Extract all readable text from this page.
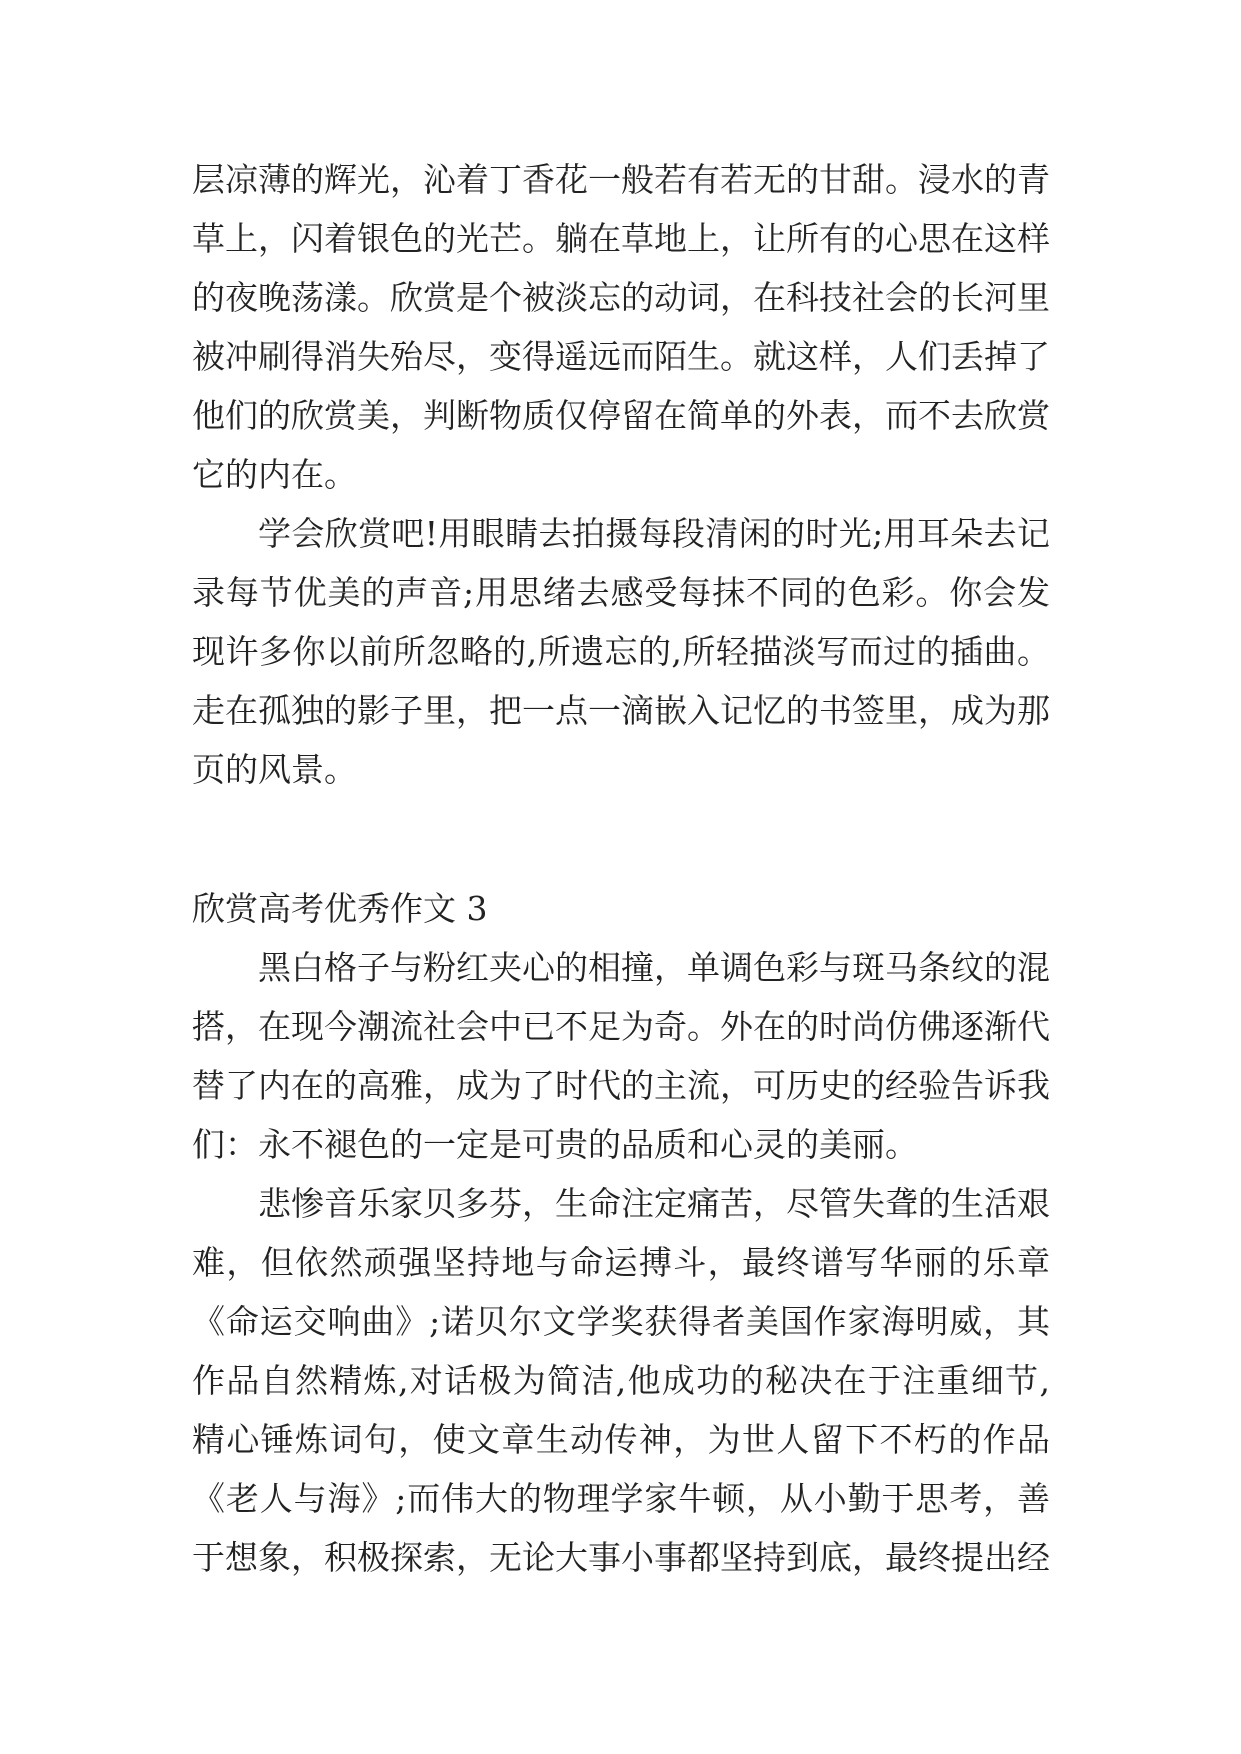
层凉薄的辉光，沁着丁香花一般若有若无的甘甜。浸水的青
草上，闪着银色的光芒。躺在草地上，让所有的心思在这样
的夜晚荡漾。欣赏是个被淡忘的动词，在科技社会的长河里
被冲刷得消失殆尽，变得遥远而陌生。就这样，人们丢掉了
他们的欣赏美，判断物质仅停留在简单的外表，而不去欣赏
它的内在。
学会欣赏吧!用眼睛去拍摄每段清闲的时光;用耳朵去记
录每节优美的声音;用思绪去感受每抹不同的色彩。你会发
现许多你以前所忽略的,所遗忘的,所轻描淡写而过的插曲。
走在孤独的影子里，把一点一滴嵌入记忆的书签里，成为那
页的风景。
欣赏高考优秀作文 3
黑白格子与粉红夹心的相撞，单调色彩与斑马条纹的混
搭，在现今潮流社会中已不足为奇。外在的时尚仿佛逐渐代
替了内在的高雅，成为了时代的主流，可历史的经验告诉我
们：永不褪色的一定是可贵的品质和心灵的美丽。
悲惨音乐家贝多芬，生命注定痛苦，尽管失聋的生活艰
难，但依然顽强坚持地与命运搏斗，最终谱写华丽的乐章
《命运交响曲》;诺贝尔文学奖获得者美国作家海明威，其
作品自然精炼,对话极为简洁,他成功的秘决在于注重细节,
精心锤炼词句，使文章生动传神，为世人留下不朽的作品
《老人与海》;而伟大的物理学家牛顿，从小勤于思考，善
于想象，积极探索，无论大事小事都坚持到底，最终提出经
